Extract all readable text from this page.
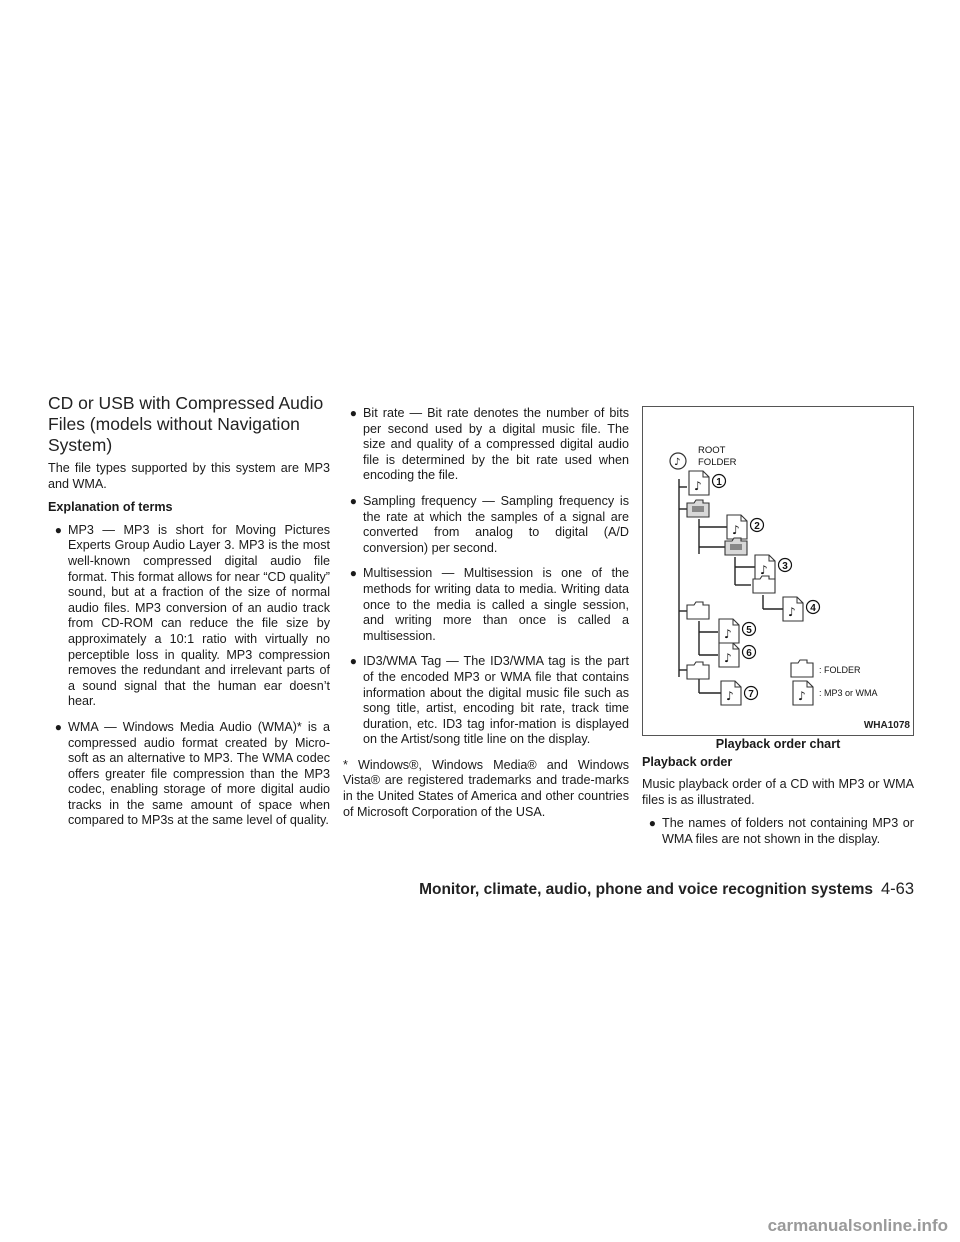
CD or USB with Compressed Audio Files (models without Navigation System)

The file types supported by this system are MP3 and WMA.

Explanation of terms

● MP3 — MP3 is short for Moving Pictures Experts Group Audio Layer 3. MP3 is the most well-known compressed digital audio file format. This format allows for near “CD quality” sound, but at a fraction of the size of normal audio files. MP3 conversion of an audio track from CD-ROM can reduce the file size by approximately a 10:1 ratio with virtually no perceptible loss in quality. MP3 compression removes the redundant and irrelevant parts of a sound signal that the human ear doesn’t hear.
● WMA — Windows Media Audio (WMA)* is a compressed audio format created by Micro-soft as an alternative to MP3. The WMA codec offers greater file compression than the MP3 codec, enabling storage of more digital audio tracks in the same amount of space when compared to MP3s at the same level of quality.
● Bit rate — Bit rate denotes the number of bits per second used by a digital music file. The size and quality of a compressed digital audio file is determined by the bit rate used when encoding the file.
● Sampling frequency — Sampling frequency is the rate at which the samples of a signal are converted from analog to digital (A/D conversion) per second.
● Multisession — Multisession is one of the methods for writing data to media. Writing data once to the media is called a single session, and writing more than once is called a multisession.
● ID3/WMA Tag — The ID3/WMA tag is the part of the encoded MP3 or WMA file that contains information about the digital music file such as song title, artist, encoding bit rate, track time duration, etc. ID3 tag infor-mation is displayed on the Artist/song title line on the display.

* Windows®, Windows Media® and Windows Vista® are registered trademarks and trade-marks in the United States of America and other countries of Microsoft Corporation of the USA.

♪
♪
ROOT
FOLDER
1
2
3
4
5
6
7
: FOLDER
: MP3 or WMA
WHA1078

Playback order chart

Playback order

Music playback order of a CD with MP3 or WMA files is as illustrated.

● The names of folders not containing MP3 or WMA files are not shown in the display.
Monitor, climate, audio, phone and voice recognition systems 4-63
carmanualsonline.info
